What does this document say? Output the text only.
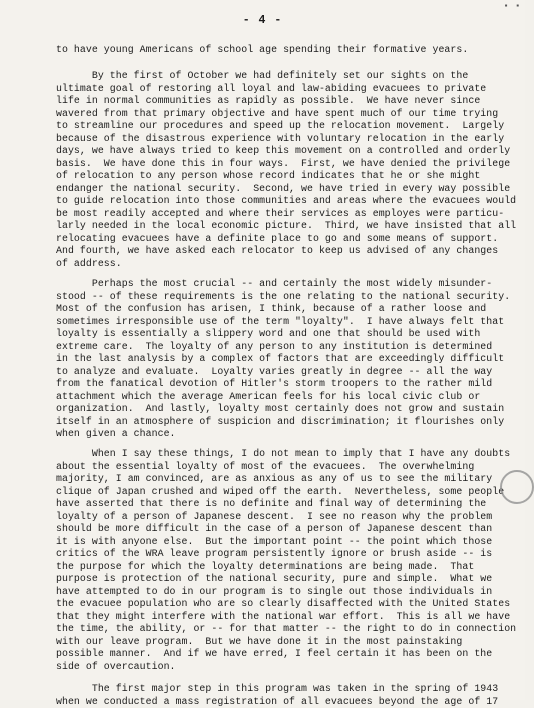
▪ ▪
- 4 -
to have young Americans of school age spending their formative years.
By the first of October we had definitely set our sights on the
ultimate goal of restoring all loyal and law-abiding evacuees to private
life in normal communities as rapidly as possible.  We have never since
wavered from that primary objective and have spent much of our time trying
to streamline our procedures and speed up the relocation movement.  Largely
because of the disastrous experience with voluntary relocation in the early
days, we have always tried to keep this movement on a controlled and orderly
basis.  We have done this in four ways.  First, we have denied the privilege
of relocation to any person whose record indicates that he or she might
endanger the national security.  Second, we have tried in every way possible
to guide relocation into those communities and areas where the evacuees would
be most readily accepted and where their services as employes were particu-
larly needed in the local economic picture.  Third, we have insisted that all
relocating evacuees have a definite place to go and some means of support.
And fourth, we have asked each relocator to keep us advised of any changes
of address.
Perhaps the most crucial -- and certainly the most widely misunder-
stood -- of these requirements is the one relating to the national security.
Most of the confusion has arisen, I think, because of a rather loose and
sometimes irresponsible use of the term "loyalty".  I have always felt that
loyalty is essentially a slippery word and one that should be used with
extreme care.  The loyalty of any person to any institution is determined
in the last analysis by a complex of factors that are exceedingly difficult
to analyze and evaluate.  Loyalty varies greatly in degree -- all the way
from the fanatical devotion of Hitler's storm troopers to the rather mild
attachment which the average American feels for his local civic club or
organization.  And lastly, loyalty most certainly does not grow and sustain
itself in an atmosphere of suspicion and discrimination; it flourishes only
when given a chance.
When I say these things, I do not mean to imply that I have any doubts
about the essential loyalty of most of the evacuees.  The overwhelming
majority, I am convinced, are as anxious as any of us to see the military
clique of Japan crushed and wiped off the earth.  Nevertheless, some people
have asserted that there is no definite and final way of determining the
loyalty of a person of Japanese descent.  I see no reason why the problem
should be more difficult in the case of a person of Japanese descent than
it is with anyone else.  But the important point -- the point which those
critics of the WRA leave program persistently ignore or brush aside -- is
the purpose for which the loyalty determinations are being made.  That
purpose is protection of the national security, pure and simple.  What we
have attempted to do in our program is to single out those individuals in
the evacuee population who are so clearly disaffected with the United States
that they might interfere with the national war effort.  This is all we have
the time, the ability, or -- for that matter -- the right to do in connection
with our leave program.  But we have done it in the most painstaking
possible manner.  And if we have erred, I feel certain it has been on the
side of overcaution.
The first major step in this program was taken in the spring of 1943
when we conducted a mass registration of all evacuees beyond the age of 17
